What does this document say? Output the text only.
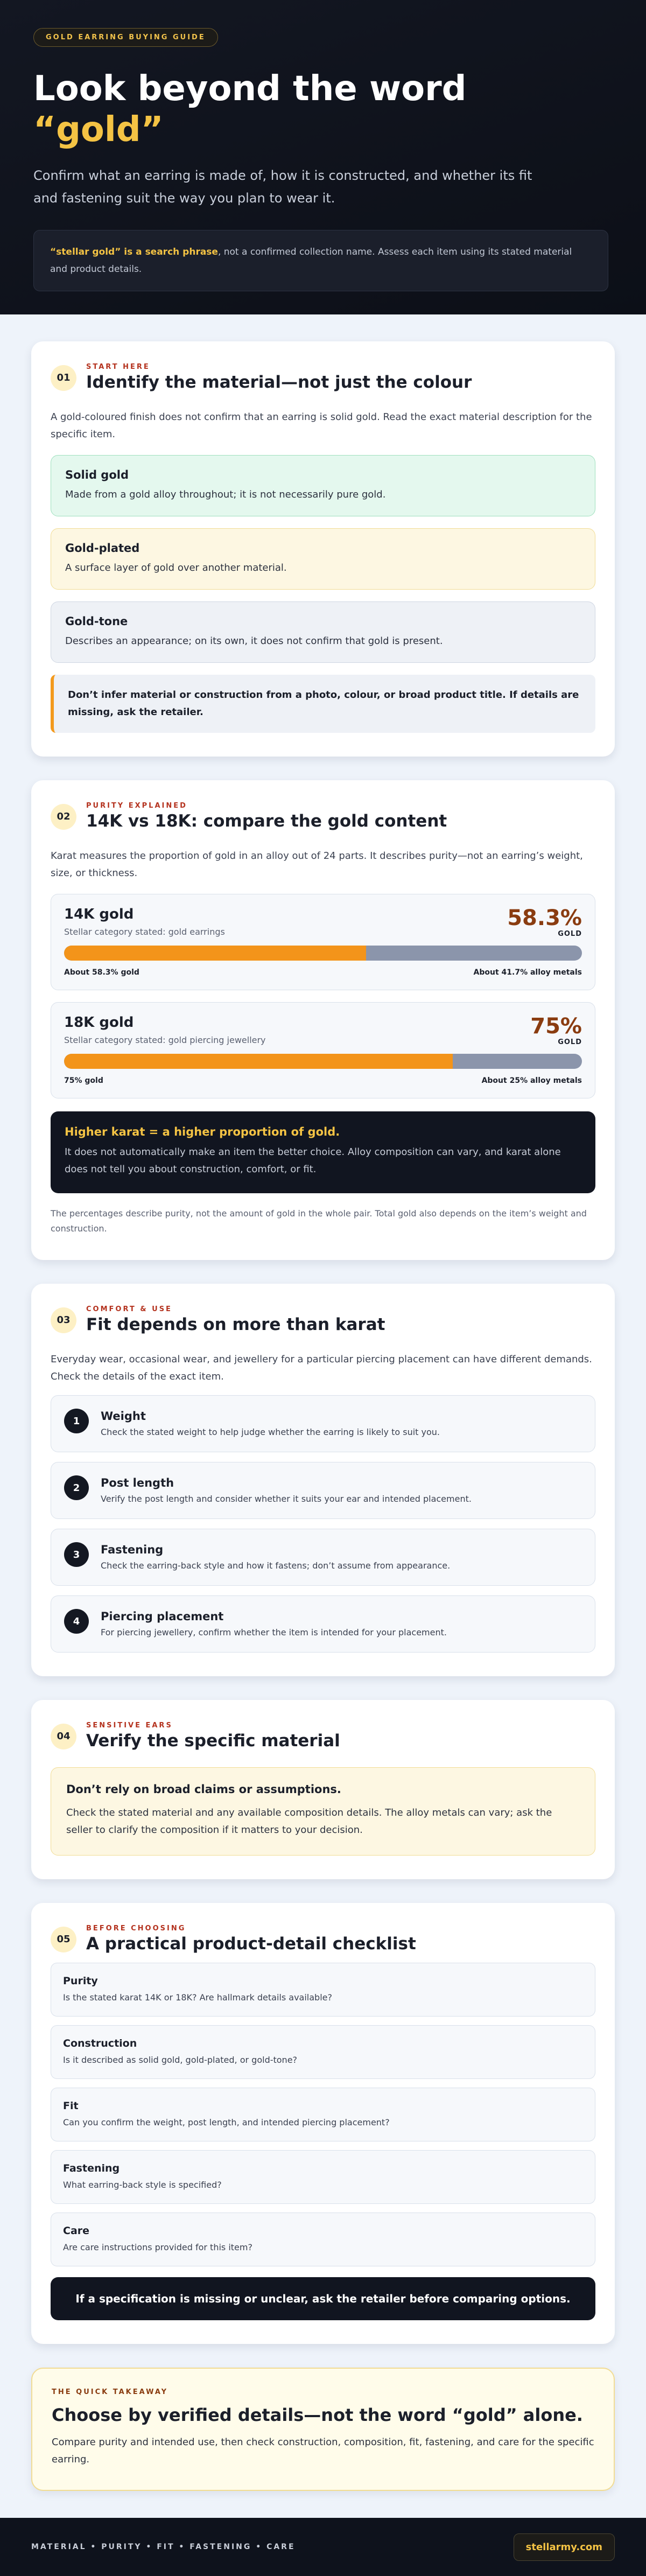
GOLD EARRING BUYING GUIDE
Look beyond the word
“gold”

Confirm what an earring is made of, how it is constructed, and whether its fit and fastening suit the way you plan to wear it.

“stellar gold” is a search phrase, not a confirmed collection name. Assess each item using its stated material and product details.
01
START HERE
Identify the material—not just the colour

A gold-coloured finish does not confirm that an earring is solid gold. Read the exact material description for the specific item.

Solid gold

Made from a gold alloy throughout; it is not necessarily pure gold.

Gold-plated

A surface layer of gold over another material.

Gold-tone

Describes an appearance; on its own, it does not confirm that gold is present.

Don’t infer material or construction from a photo, colour, or broad product title. If details are missing, ask the retailer.
02
PURITY EXPLAINED
14K vs 18K: compare the gold content

Karat measures the proportion of gold in an alloy out of 24 parts. It describes purity—not an earring’s weight, size, or thickness.

14K gold
Stellar category stated: gold earrings
58.3%
GOLD
About 58.3% gold	About 41.7% alloy metals
18K gold
Stellar category stated: gold piercing jewellery
75%
GOLD
75% gold	About 25% alloy metals
Higher karat = a higher proportion of gold.

It does not automatically make an item the better choice. Alloy composition can vary, and karat alone does not tell you about construction, comfort, or fit.

The percentages describe purity, not the amount of gold in the whole pair. Total gold also depends on the item’s weight and construction.

03
COMFORT & USE
Fit depends on more than karat

Everyday wear, occasional wear, and jewellery for a particular piercing placement can have different demands. Check the details of the exact item.

1	Weight

Check the stated weight to help judge whether the earring is likely to suit you.

2	Post length

Verify the post length and consider whether it suits your ear and intended placement.

3	Fastening

Check the earring-back style and how it fastens; don’t assume from appearance.

4	Piercing placement

For piercing jewellery, confirm whether the item is intended for your placement.

04
SENSITIVE EARS
Verify the specific material
Don’t rely on broad claims or assumptions.

Check the stated material and any available composition details. The alloy metals can vary; ask the seller to clarify the composition if it matters to your decision.

05
BEFORE CHOOSING
A practical product-detail checklist
Purity

Is the stated karat 14K or 18K? Are hallmark details available?

Construction

Is it described as solid gold, gold-plated, or gold-tone?

Fit

Can you confirm the weight, post length, and intended piercing placement?

Fastening

What earring-back style is specified?

Care

Are care instructions provided for this item?

If a specification is missing or unclear, ask the retailer before comparing options.
THE QUICK TAKEAWAY
Choose by verified details—not the word “gold” alone.

Compare purity and intended use, then check construction, composition, fit, fastening, and care for the specific earring.

MATERIAL • PURITY • FIT • FASTENING • CARE	stellarmy.com
